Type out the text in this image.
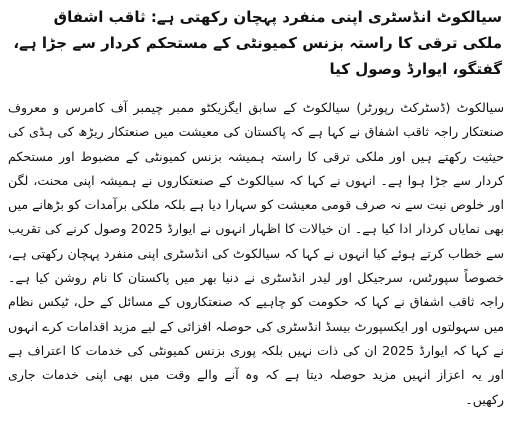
سیالکوٹ انڈسٹری اپنی منفرد پہچان رکھتی ہے: ثاقب اشفاق
ملکی ترقی کا راستہ بزنس کمیونٹی کے مستحکم کردار سے جڑا ہے، گفتگو، ایوارڈ وصول کیا

سیالکوٹ (ڈسٹرکٹ رپورٹر) سیالکوٹ کے سابق ایگزیکٹو ممبر چیمبر آف کامرس و معروف صنعتکار راجہ ثاقب اشفاق نے کہا ہے کہ پاکستان کی معیشت میں صنعتکار ریڑھ کی ہڈی کی حیثیت رکھتے ہیں اور ملکی ترقی کا راستہ ہمیشہ بزنس کمیونٹی کے مضبوط اور مستحکم کردار سے جڑا ہوا ہے۔ انہوں نے کہا کہ سیالکوٹ کے صنعتکاروں نے ہمیشہ اپنی محنت، لگن اور خلوص نیت سے نہ صرف قومی معیشت کو سہارا دیا ہے بلکہ ملکی برآمدات کو بڑھانے میں بھی نمایاں کردار ادا کیا ہے۔ ان خیالات کا اظہار انہوں نے ایوارڈ 2025 وصول کرنے کی تقریب سے خطاب کرتے ہوئے کیا انہوں نے کہا کہ سیالکوٹ کی انڈسٹری اپنی منفرد پہچان رکھتی ہے، خصوصاً سپورٹس، سرجیکل اور لیدر انڈسٹری نے دنیا بھر میں پاکستان کا نام روشن کیا ہے۔ راجہ ثاقب اشفاق نے کہا کہ حکومت کو چاہیے کہ صنعتکاروں کے مسائل کے حل، ٹیکس نظام میں سہولتوں اور ایکسپورٹ بیسڈ انڈسٹری کی حوصلہ افزائی کے لیے مزید اقدامات کرے انہوں نے کہا کہ ایوارڈ 2025 ان کی ذات نہیں بلکہ پوری بزنس کمیونٹی کی خدمات کا اعتراف ہے اور یہ اعزاز انہیں مزید حوصلہ دیتا ہے کہ وہ آنے والے وقت میں بھی اپنی خدمات جاری رکھیں۔
